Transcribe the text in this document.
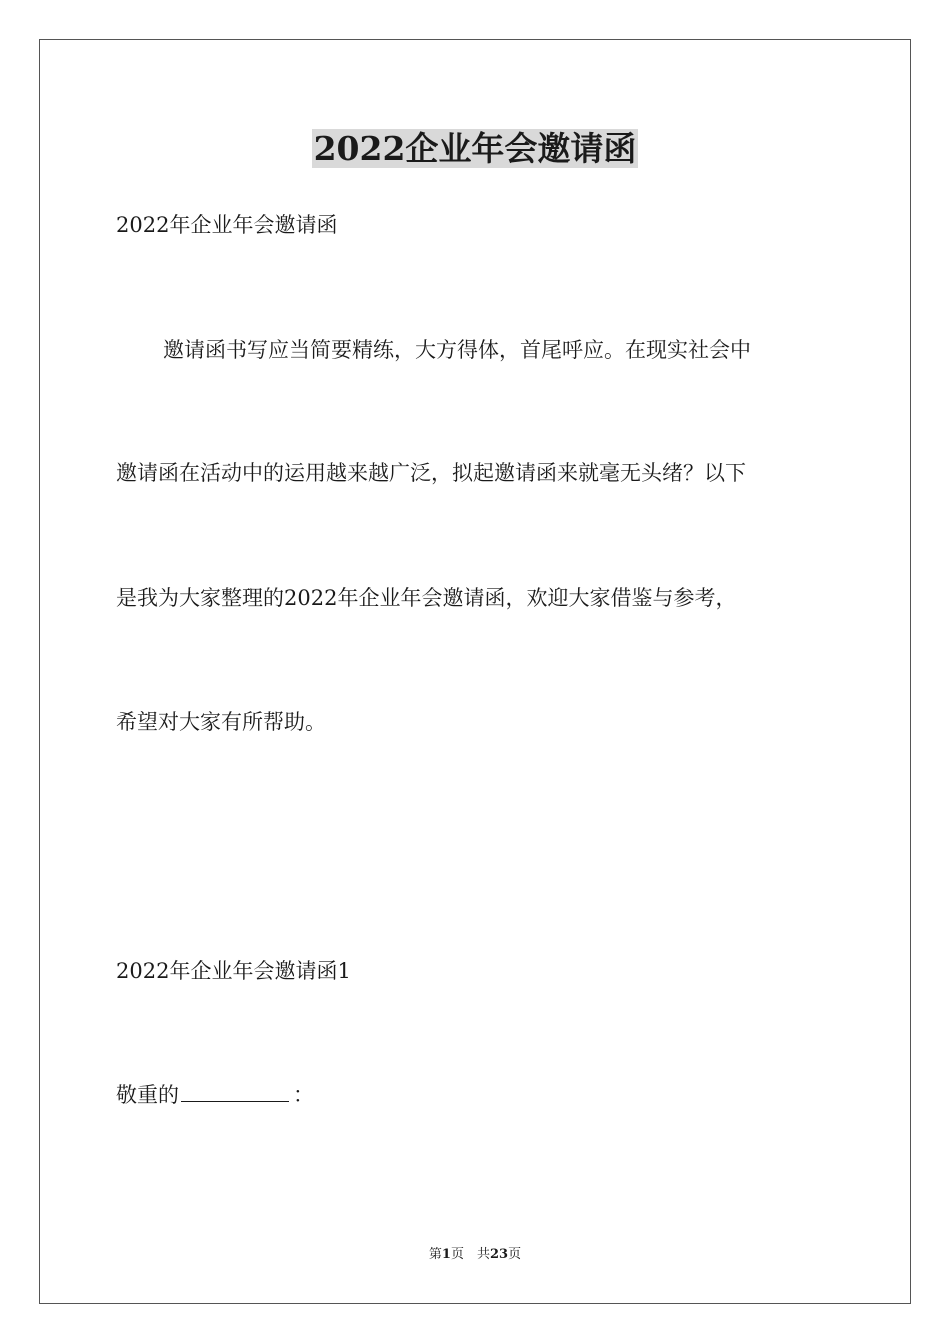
2022企业年会邀请函

2022年企业年会邀请函

邀请函书写应当简要精练，大方得体，首尾呼应。在现实社会中

邀请函在活动中的运用越来越广泛，拟起邀请函来就毫无头绪？以下

是我为大家整理的2022年企业年会邀请函，欢迎大家借鉴与参考，

希望对大家有所帮助。

2022年企业年会邀请函1

敬重的	：

第1页　共23页
